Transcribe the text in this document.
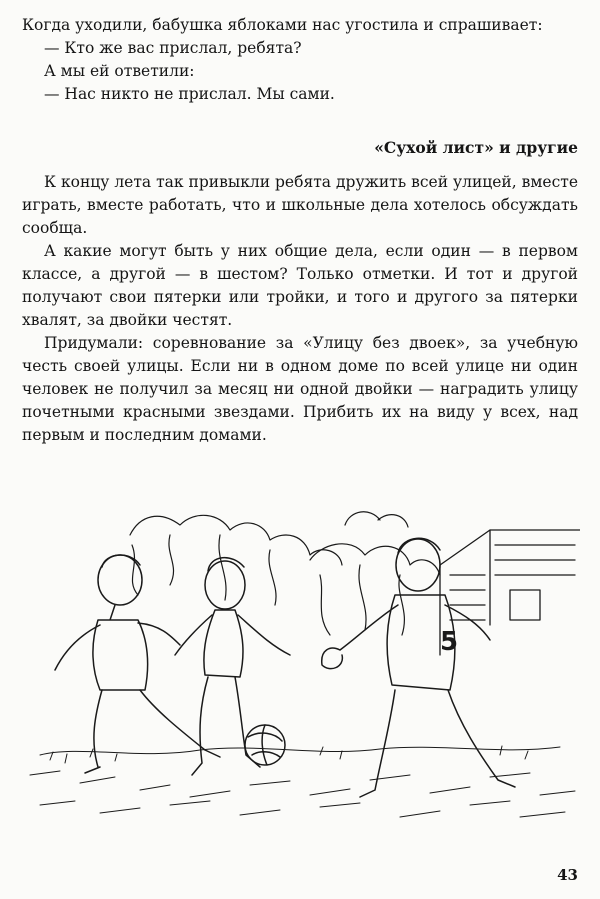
Когда уходили, бабушка яблоками нас угостила и спрашивает:

— Кто же вас прислал, ребята?

А мы ей ответили:

— Нас никто не прислал. Мы сами.

«Сухой лист» и другие

К концу лета так привыкли ребята дружить всей улицей, вместе играть, вместе работать, что и школьные дела хотелось обсуждать сообща.

А какие могут быть у них общие дела, если один — в первом классе, а другой — в шестом? Только отметки. И тот и другой получают свои пятерки или тройки, и того и другого за пятерки хвалят, за двойки честят.

Придумали: соревнование за «Улицу без двоек», за учебную честь своей улицы. Если ни в одном доме по всей улице ни один человек не получил за месяц ни одной двойки — наградить улицу почетными красными звездами. Прибить их на виду у всех, над первым и последним домами.

5
43
